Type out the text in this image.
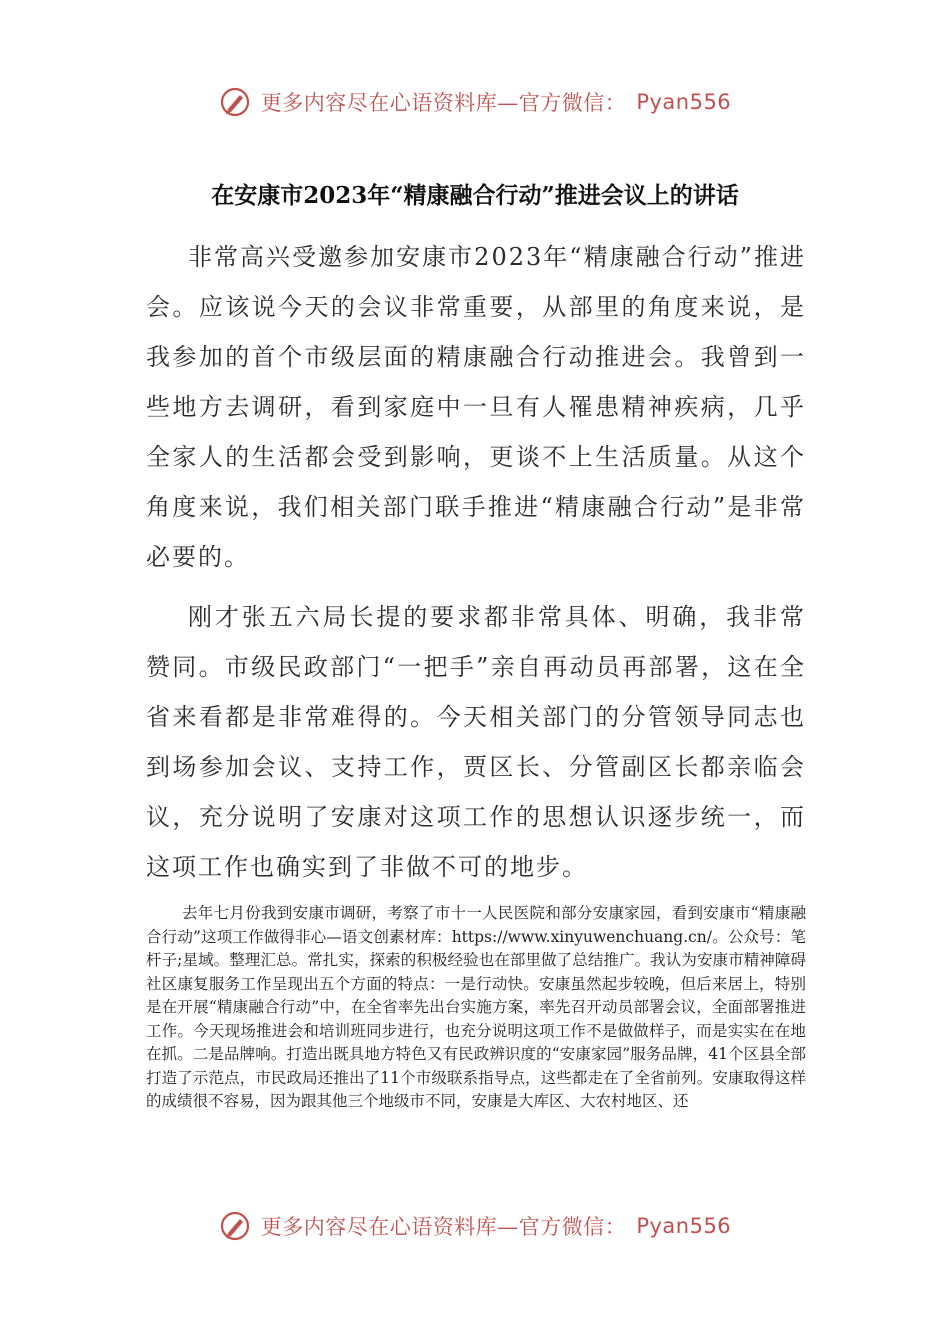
更多内容尽在心语资料库—官方微信： Pyan556
在安康市2023年“精康融合行动”推进会议上的讲话

非常高兴受邀参加安康市2023年“精康融合行动”推进会。应该说今天的会议非常重要，从部里的角度来说，是我参加的首个市级层面的精康融合行动推进会。我曾到一些地方去调研，看到家庭中一旦有人罹患精神疾病，几乎全家人的生活都会受到影响，更谈不上生活质量。从这个角度来说，我们相关部门联手推进“精康融合行动”是非常必要的。

刚才张五六局长提的要求都非常具体、明确，我非常赞同。市级民政部门“一把手”亲自再动员再部署，这在全省来看都是非常难得的。今天相关部门的分管领导同志也到场参加会议、支持工作，贾区长、分管副区长都亲临会议，充分说明了安康对这项工作的思想认识逐步统一，而这项工作也确实到了非做不可的地步。

去年七月份我到安康市调研，考察了市十一人民医院和部分安康家园，看到安康市“精康融合行动”这项工作做得非心—语文创素材库：https://www.xinyuwenchuang.cn/。公众号：笔杆子;星域。整理汇总。常扎实，探索的积极经验也在部里做了总结推广。我认为安康市精神障碍社区康复服务工作呈现出五个方面的特点：一是行动快。安康虽然起步较晚，但后来居上，特别是在开展“精康融合行动”中，在全省率先出台实施方案，率先召开动员部署会议，全面部署推进工作。今天现场推进会和培训班同步进行，也充分说明这项工作不是做做样子，而是实实在在地在抓。二是品牌响。打造出既具地方特色又有民政辨识度的“安康家园”服务品牌，41个区县全部打造了示范点，市民政局还推出了11个市级联系指导点，这些都走在了全省前列。安康取得这样的成绩很不容易，因为跟其他三个地级市不同，安康是大库区、大农村地区、还

更多内容尽在心语资料库—官方微信： Pyan556
